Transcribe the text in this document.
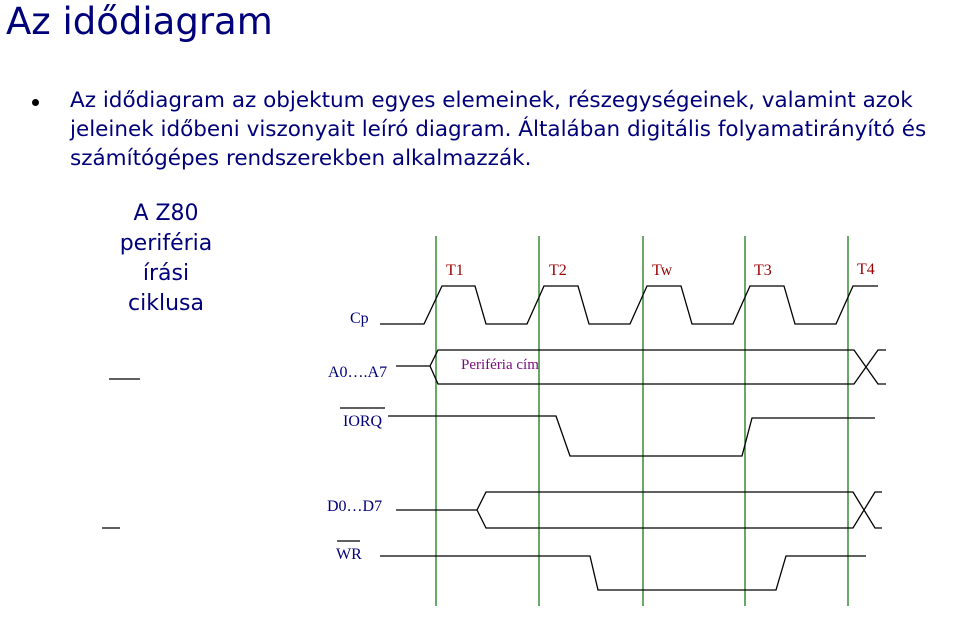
Az idődiagram
Az idődiagram az objektum egyes elemeinek, részegységeinek, valamint azok jeleinek időbeni viszonyait leíró diagram. Általában digitális folyamatirányító és számítógépes rendszerekben alkalmazzák.
A Z80
periféria
írási
ciklusa
T1	T2	Tw	T3	T4
Cp
A0….A7
IORQ
D0…D7
WR
Periféria cím
